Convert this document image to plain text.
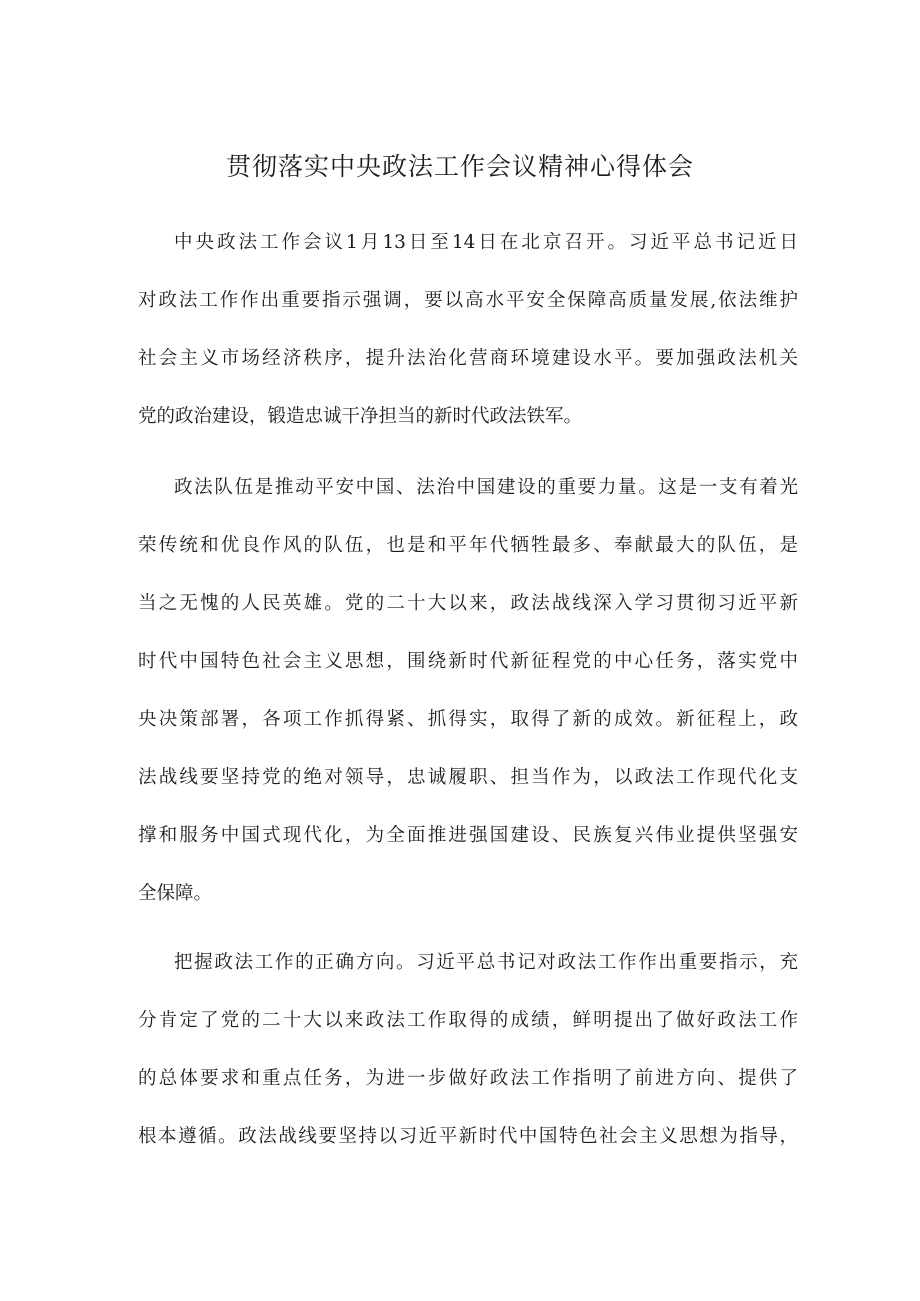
贯彻落实中央政法工作会议精神心得体会
中央政法工作会议1月13日至14日在北京召开。习近平总书记近日
对政法工作作出重要指示强调，要以高水平安全保障高质量发展,依法维护
社会主义市场经济秩序，提升法治化营商环境建设水平。要加强政法机关
党的政治建设，锻造忠诚干净担当的新时代政法铁军。
政法队伍是推动平安中国、法治中国建设的重要力量。这是一支有着光
荣传统和优良作风的队伍，也是和平年代牺牲最多、奉献最大的队伍，是
当之无愧的人民英雄。党的二十大以来，政法战线深入学习贯彻习近平新
时代中国特色社会主义思想，围绕新时代新征程党的中心任务，落实党中
央决策部署，各项工作抓得紧、抓得实，取得了新的成效。新征程上，政
法战线要坚持党的绝对领导，忠诚履职、担当作为，以政法工作现代化支
撑和服务中国式现代化，为全面推进强国建设、民族复兴伟业提供坚强安
全保障。
把握政法工作的正确方向。习近平总书记对政法工作作出重要指示，充
分肯定了党的二十大以来政法工作取得的成绩，鲜明提出了做好政法工作
的总体要求和重点任务，为进一步做好政法工作指明了前进方向、提供了
根本遵循。政法战线要坚持以习近平新时代中国特色社会主义思想为指导，
